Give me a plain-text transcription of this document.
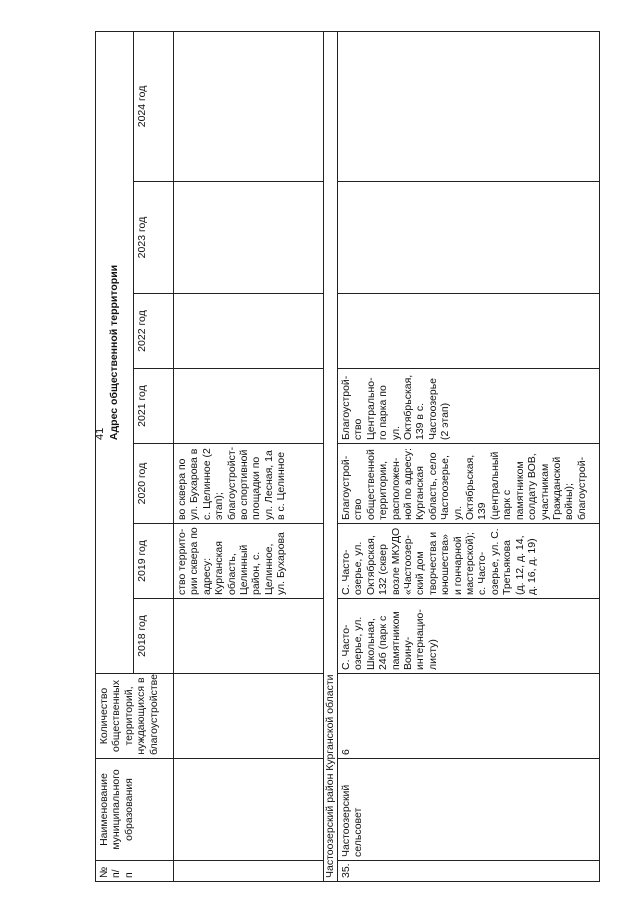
41
№ п/п	Наименование муниципального образования	Количество общественных территорий, нуждающихся в благоустройстве	Адрес общественной территории						
			2018 год	2019 год	2020 год	2021 год	2022 год	2023 год	2024 год
				ство террито-рии сквера по адресу: Курганская область, Целинный район, с. Целинное, ул. Бухарова	во сквера по ул. Бухарова в с. Целинное (2 этап); благоустройст-во спортивной площадки по ул. Лесная, 1а в с. Целинное				
Частоозерский район Курганской области									
35.	Частоозерский сельсовет	6	С. Часто-озерье, ул. Школьная, 24б (парк с памятником Воину-интернацио-листу)	С. Часто-озерье, ул. Октябрская, 132 (сквер возле МКУДО «Частоозер-ский дом творчества и юношества» и гончарной мастерской); с. Часто-озерье, ул. С. Третьякова (д. 12, д. 14, д. 16, д. 19)	Благоустрой-ство общественной территории, расположен-ной по адресу: Курганская область, село Частоозерье, ул. Октябрьская, 139 (центральный парк с памятником солдату ВОВ, участникам Гражданской войны); благоустрой-	Благоустрой-ство Центрально-го парка по ул. Октябрьская, 139 в с. Частоозерье (2 этап)			
